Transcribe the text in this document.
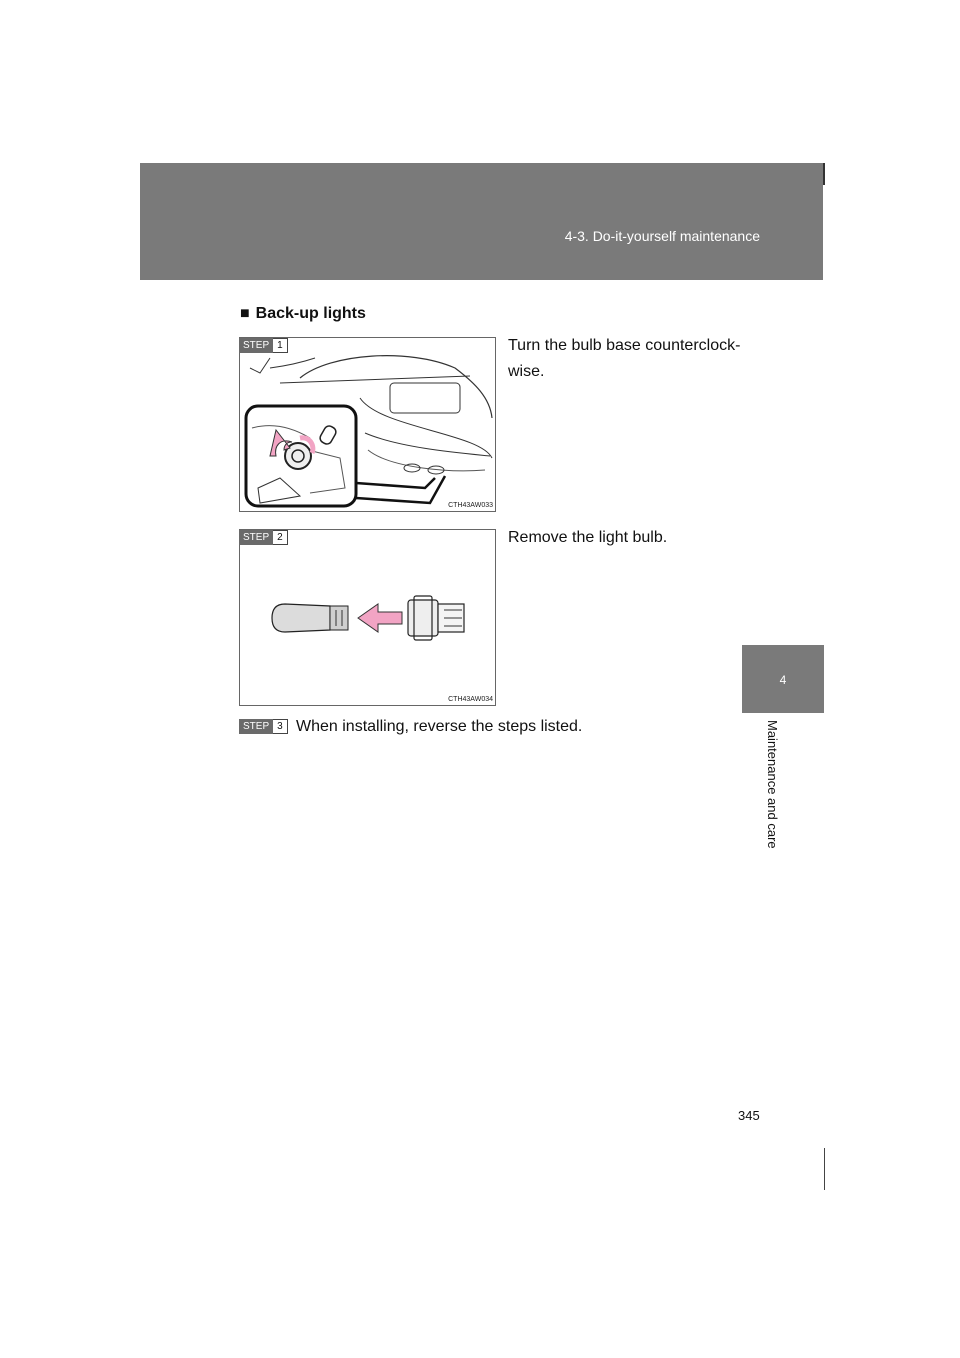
4-3. Do-it-yourself maintenance
4
Maintenance and care
■ Back-up lights
CTH43AW033
STEP 1	Turn the bulb base counterclock-wise.
CTH43AW034
STEP 2	Remove the light bulb.
STEP 3 When installing, reverse the steps listed.
345
